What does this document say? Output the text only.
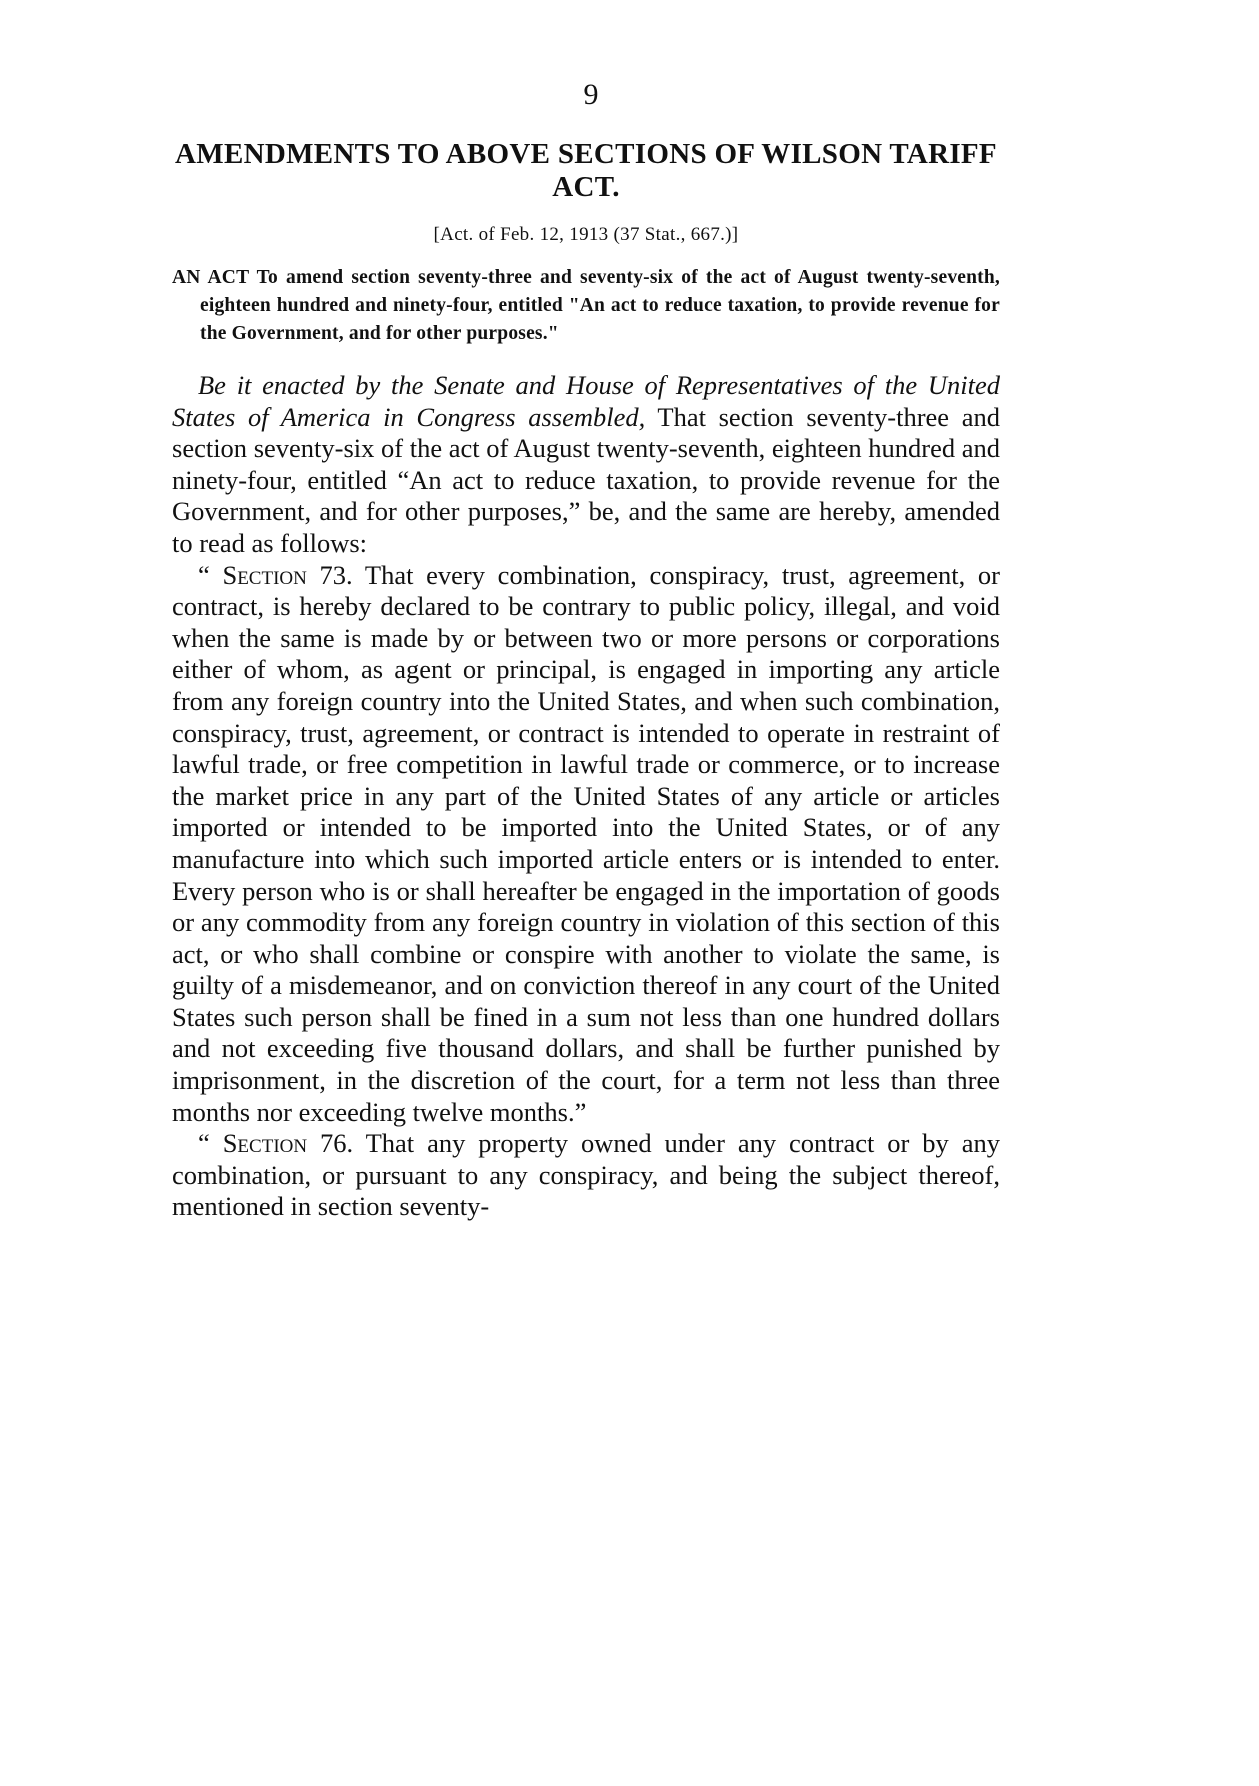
9
AMENDMENTS TO ABOVE SECTIONS OF WILSON TARIFF
ACT.
[Act. of Feb. 12, 1913 (37 Stat., 667.)]

AN ACT To amend section seventy-three and seventy-six of the act of August twenty-seventh, eighteen hundred and ninety-four, entitled "An act to reduce taxation, to provide revenue for the Government, and for other purposes."

Be it enacted by the Senate and House of Representatives of the United States of America in Congress assembled, That section seventy-three and section seventy-six of the act of August twenty-seventh, eighteen hundred and ninety-four, entitled “An act to reduce taxation, to provide revenue for the Government, and for other purposes,” be, and the same are hereby, amended to read as follows:

“ Section 73. That every combination, conspiracy, trust, agreement, or contract, is hereby declared to be contrary to public policy, illegal, and void when the same is made by or between two or more persons or corporations either of whom, as agent or principal, is engaged in importing any article from any foreign country into the United States, and when such combination, conspiracy, trust, agreement, or contract is intended to operate in restraint of lawful trade, or free competition in lawful trade or commerce, or to increase the market price in any part of the United States of any article or articles imported or intended to be imported into the United States, or of any manufacture into which such imported article enters or is intended to enter. Every person who is or shall hereafter be engaged in the importation of goods or any commodity from any foreign country in violation of this section of this act, or who shall combine or conspire with another to violate the same, is guilty of a misdemeanor, and on conviction thereof in any court of the United States such person shall be fined in a sum not less than one hundred dollars and not exceeding five thousand dollars, and shall be further punished by imprisonment, in the discretion of the court, for a term not less than three months nor exceeding twelve months.”

“ Section 76. That any property owned under any contract or by any combination, or pursuant to any conspiracy, and being the subject thereof, mentioned in section seventy-
